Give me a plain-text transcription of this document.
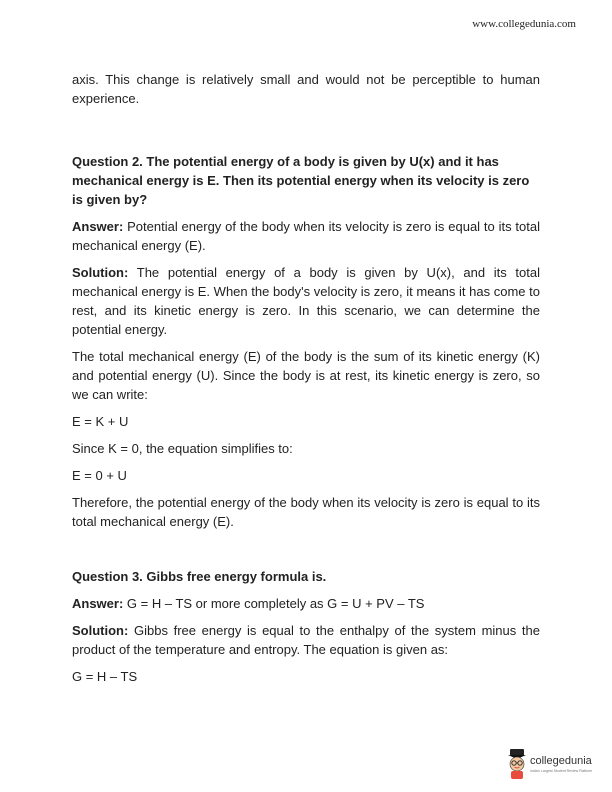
www.collegedunia.com

axis. This change is relatively small and would not be perceptible to human experience.

Question 2. The potential energy of a body is given by U(x) and it has mechanical energy is E. Then its potential energy when its velocity is zero is given by?

Answer: Potential energy of the body when its velocity is zero is equal to its total mechanical energy (E).

Solution: The potential energy of a body is given by U(x), and its total mechanical energy is E. When the body's velocity is zero, it means it has come to rest, and its kinetic energy is zero. In this scenario, we can determine the potential energy.

The total mechanical energy (E) of the body is the sum of its kinetic energy (K) and potential energy (U). Since the body is at rest, its kinetic energy is zero, so we can write:

E = K + U

Since K = 0, the equation simplifies to:

E = 0 + U

Therefore, the potential energy of the body when its velocity is zero is equal to its total mechanical energy (E).

Question 3. Gibbs free energy formula is.

Answer: G = H – TS or more completely as G = U + PV – TS

Solution: Gibbs free energy is equal to the enthalpy of the system minus the product of the temperature and entropy. The equation is given as:

G = H – TS

collegedunia
India's Largest Student Review Platform
